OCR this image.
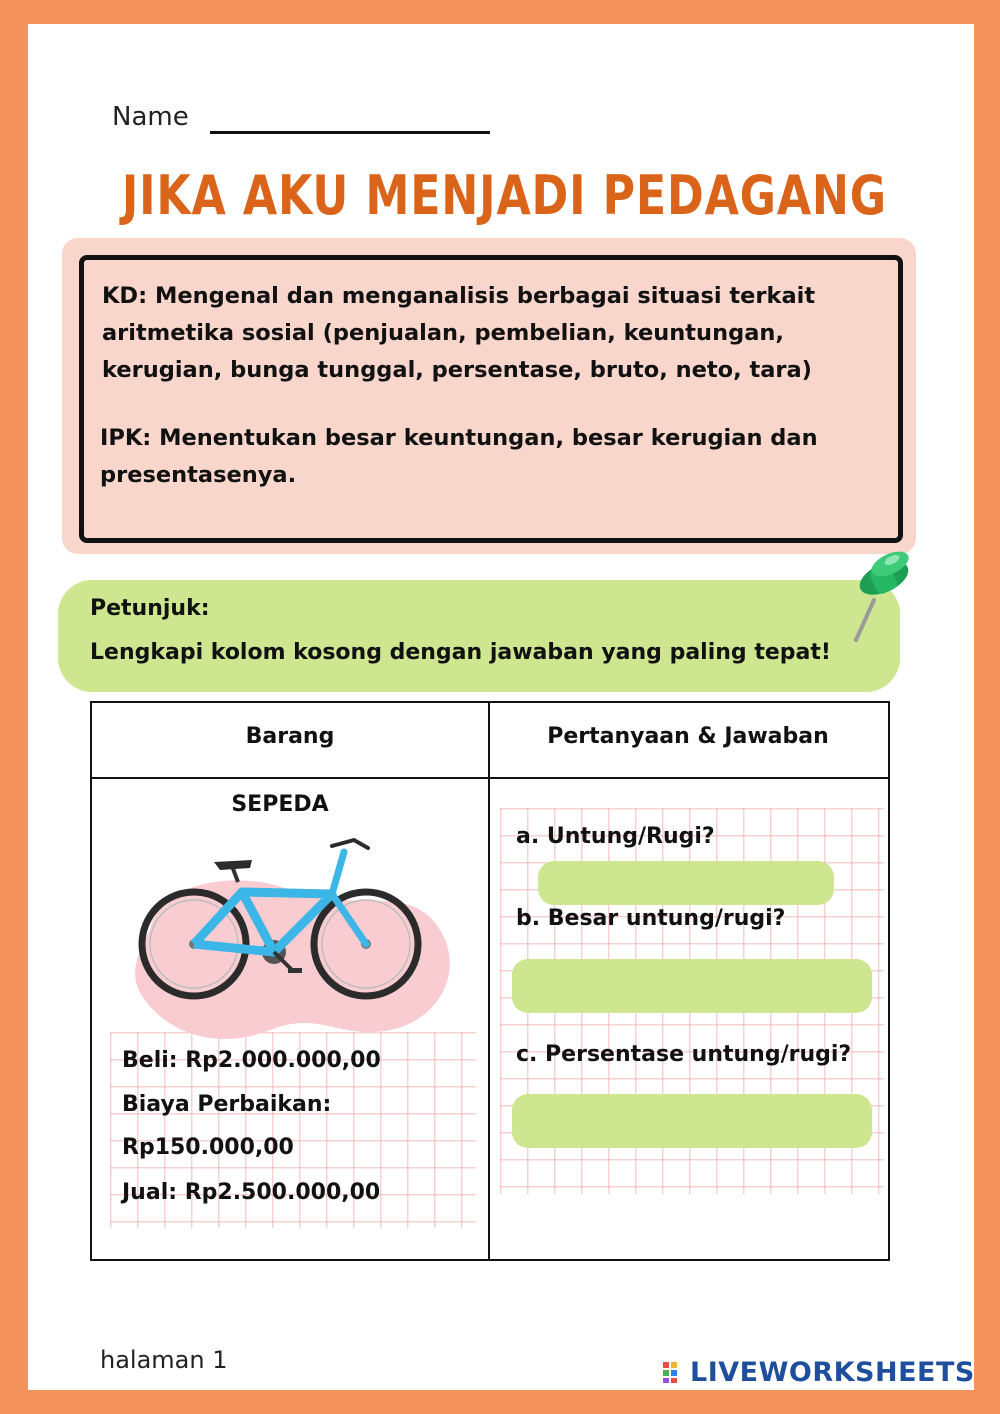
Name
JIKA AKU MENJADI PEDAGANG
KD: Mengenal dan menganalisis berbagai situasi terkait aritmetika sosial (penjualan, pembelian, keuntungan, kerugian, bunga tunggal, persentase, bruto, neto, tara)
IPK: Menentukan besar keuntungan, besar kerugian dan presentasenya.
Petunjuk:
Lengkapi kolom kosong dengan jawaban yang paling tepat!
Barang	Pertanyaan & Jawaban
SEPEDA
Beli: Rp2.000.000,00
Biaya Perbaikan:
Rp150.000,00
Jual: Rp2.500.000,00
a. Untung/Rugi?
b. Besar untung/rugi?
c. Persentase untung/rugi?
halaman 1	LIVEWORKSHEETS
